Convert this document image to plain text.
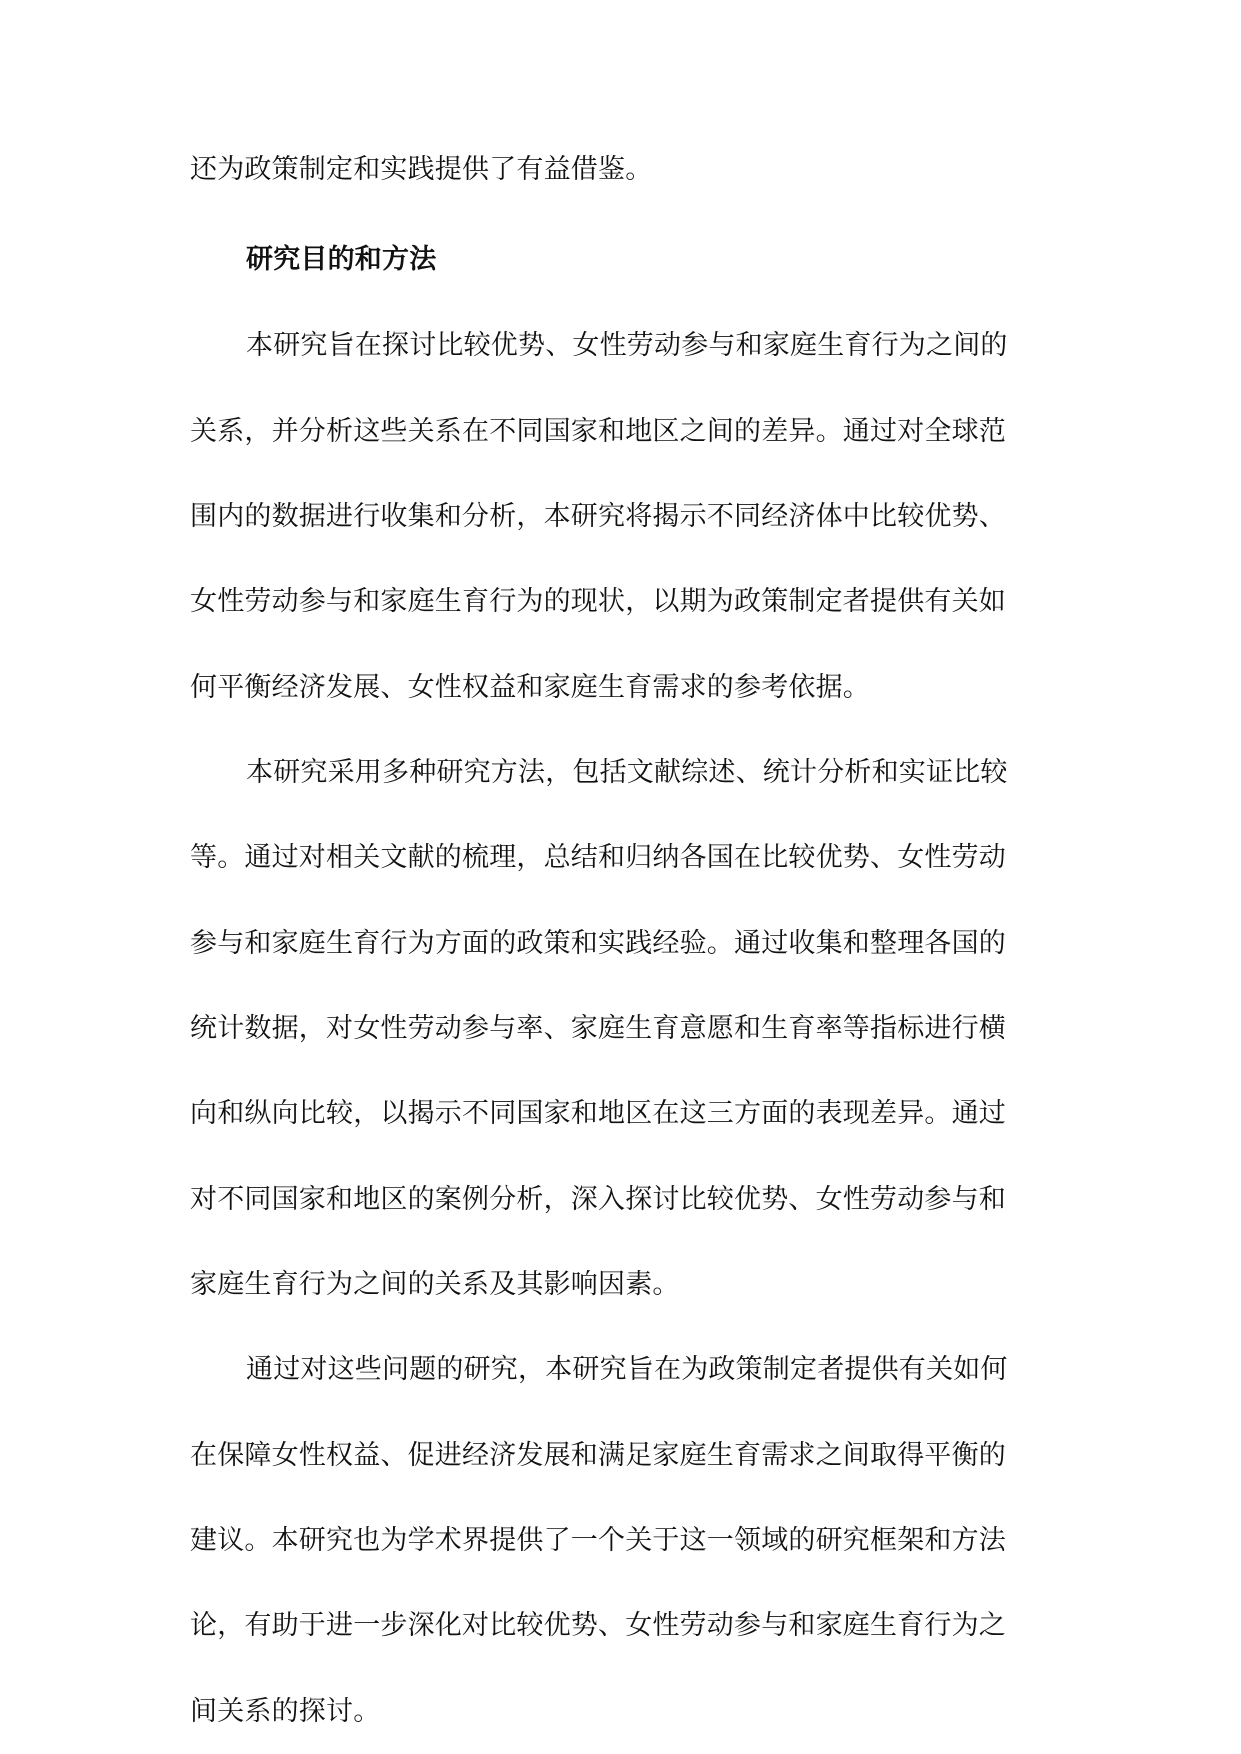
还为政策制定和实践提供了有益借鉴。
研究目的和方法
本研究旨在探讨比较优势、女性劳动参与和家庭生育行为之间的
关系，并分析这些关系在不同国家和地区之间的差异。通过对全球范
围内的数据进行收集和分析，本研究将揭示不同经济体中比较优势、
女性劳动参与和家庭生育行为的现状，以期为政策制定者提供有关如
何平衡经济发展、女性权益和家庭生育需求的参考依据。
本研究采用多种研究方法，包括文献综述、统计分析和实证比较
等。通过对相关文献的梳理，总结和归纳各国在比较优势、女性劳动
参与和家庭生育行为方面的政策和实践经验。通过收集和整理各国的
统计数据，对女性劳动参与率、家庭生育意愿和生育率等指标进行横
向和纵向比较，以揭示不同国家和地区在这三方面的表现差异。通过
对不同国家和地区的案例分析，深入探讨比较优势、女性劳动参与和
家庭生育行为之间的关系及其影响因素。
通过对这些问题的研究，本研究旨在为政策制定者提供有关如何
在保障女性权益、促进经济发展和满足家庭生育需求之间取得平衡的
建议。本研究也为学术界提供了一个关于这一领域的研究框架和方法
论，有助于进一步深化对比较优势、女性劳动参与和家庭生育行为之
间关系的探讨。
